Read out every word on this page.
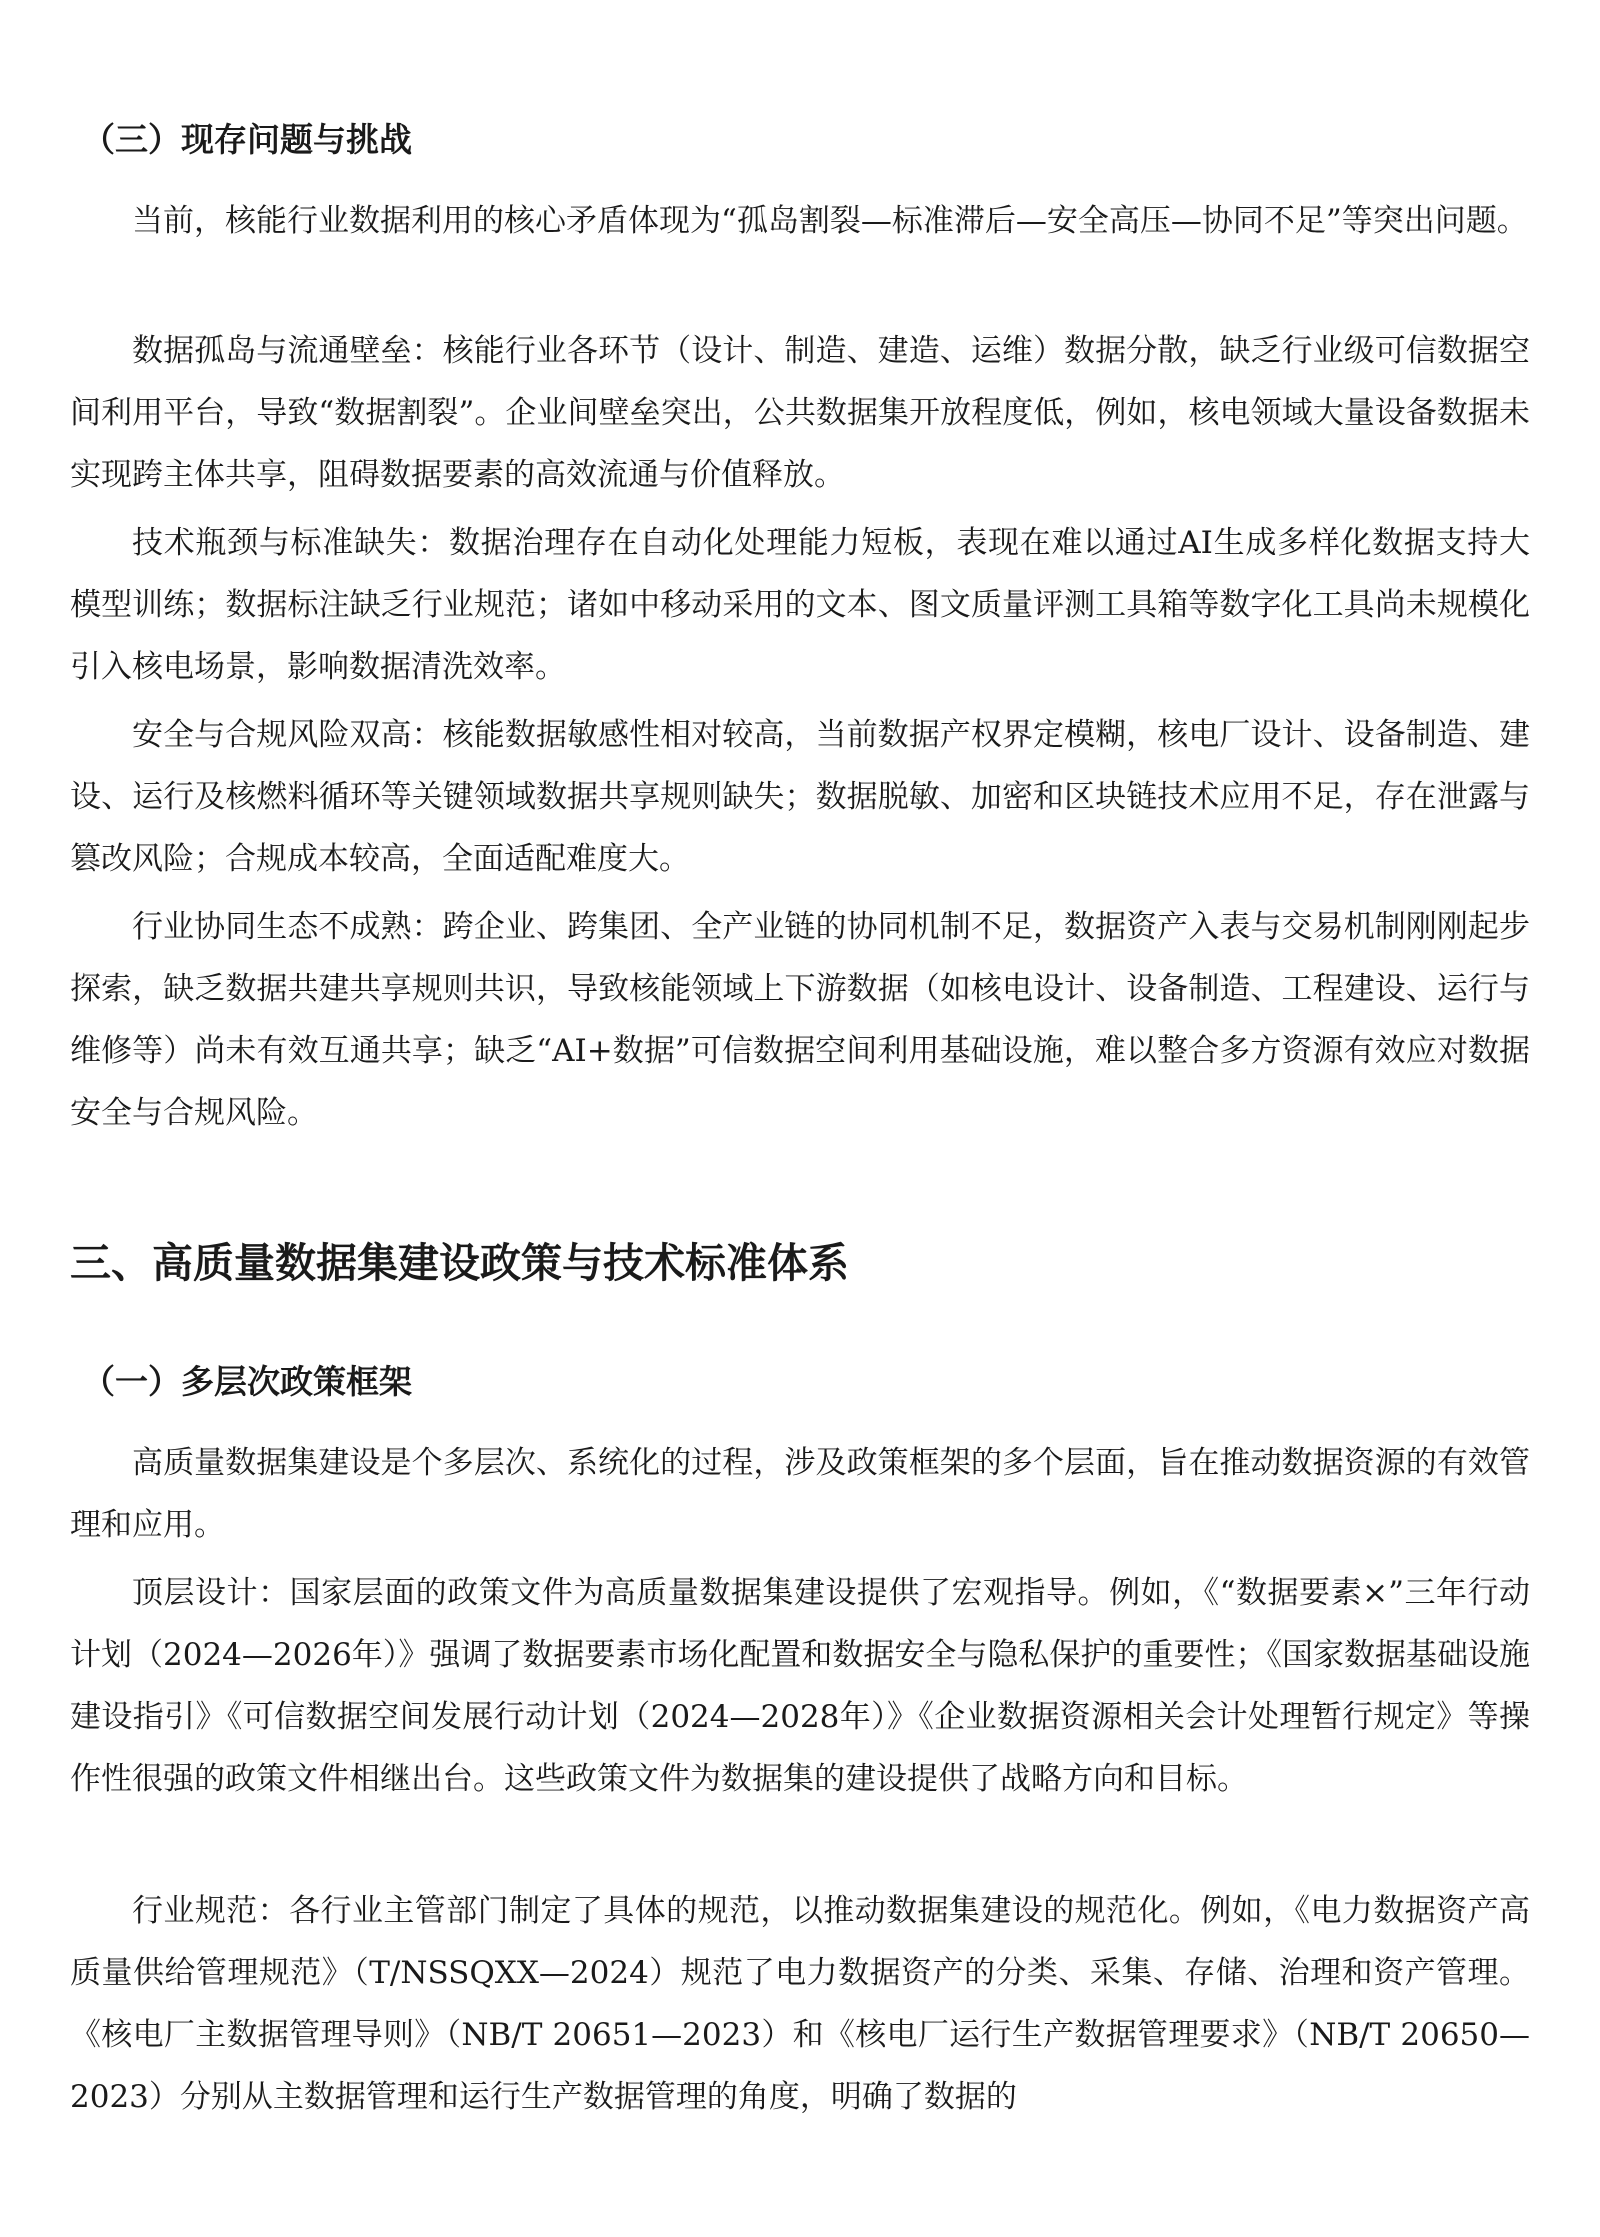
（三）现存问题与挑战

当前，核能行业数据利用的核心矛盾体现为“孤岛割裂—标准滞后—安全高压—协同不足”等突出问题。

数据孤岛与流通壁垒：核能行业各环节（设计、制造、建造、运维）数据分散，缺乏行业级可信数据空间利用平台，导致“数据割裂”。企业间壁垒突出，公共数据集开放程度低，例如，核电领域大量设备数据未实现跨主体共享，阻碍数据要素的高效流通与价值释放。

技术瓶颈与标准缺失：数据治理存在自动化处理能力短板，表现在难以通过AI生成多样化数据支持大模型训练；数据标注缺乏行业规范；诸如中移动采用的文本、图文质量评测工具箱等数字化工具尚未规模化引入核电场景，影响数据清洗效率。

安全与合规风险双高：核能数据敏感性相对较高，当前数据产权界定模糊，核电厂设计、设备制造、建设、运行及核燃料循环等关键领域数据共享规则缺失；数据脱敏、加密和区块链技术应用不足，存在泄露与篡改风险；合规成本较高，全面适配难度大。

行业协同生态不成熟：跨企业、跨集团、全产业链的协同机制不足，数据资产入表与交易机制刚刚起步探索，缺乏数据共建共享规则共识，导致核能领域上下游数据（如核电设计、设备制造、工程建设、运行与维修等）尚未有效互通共享；缺乏“AI+数据”可信数据空间利用基础设施，难以整合多方资源有效应对数据安全与合规风险。

三、高质量数据集建设政策与技术标准体系
（一）多层次政策框架

高质量数据集建设是个多层次、系统化的过程，涉及政策框架的多个层面，旨在推动数据资源的有效管理和应用。

顶层设计：国家层面的政策文件为高质量数据集建设提供了宏观指导。例如，《“数据要素×”三年行动计划（2024—2026年）》强调了数据要素市场化配置和数据安全与隐私保护的重要性；《国家数据基础设施建设指引》《可信数据空间发展行动计划（2024—2028年）》《企业数据资源相关会计处理暂行规定》等操作性很强的政策文件相继出台。这些政策文件为数据集的建设提供了战略方向和目标。

行业规范：各行业主管部门制定了具体的规范，以推动数据集建设的规范化。例如，《电力数据资产高质量供给管理规范》（T/NSSQXX—2024）规范了电力数据资产的分类、采集、存储、治理和资产管理。《核电厂主数据管理导则》（NB/T 20651—2023）和《核电厂运行生产数据管理要求》（NB/T 20650—2023）分别从主数据管理和运行生产数据管理的角度，明确了数据的
